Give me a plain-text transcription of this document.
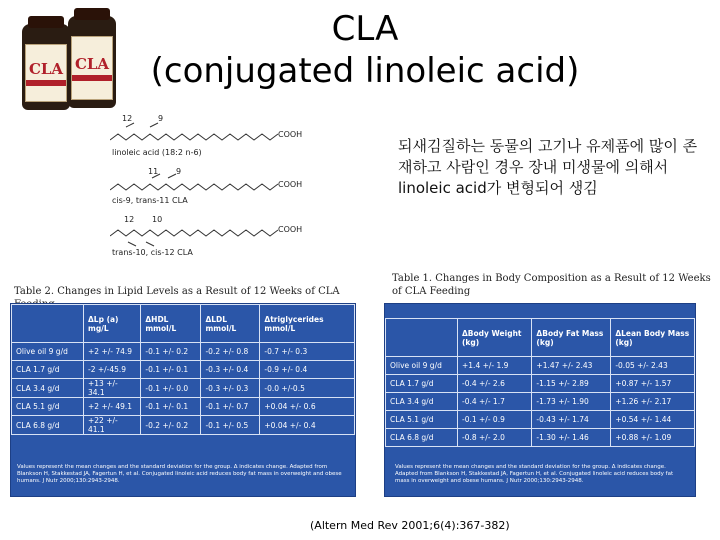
CLA
(conjugated linoleic acid)
CLA CLA
12	9
COOH
linoleic acid (18:2 n-6)
11 9
COOH
cis-9, trans-11 CLA
12 10
COOH
trans-10, cis-12 CLA
되새김질하는 동물의 고기나 유제품에 많이 존재하고 사람인 경우 장내 미생물에 의해서 linoleic acid가 변형되어 생김
Table 2. Changes in Lipid Levels as a Result of 12 Weeks of CLA
	ΔLp (a) mg/L	ΔHDL mmol/L	ΔLDL mmol/L	Δtriglycerides mmol/L
Olive oil 9 g/d	+2 +/- 74.9	-0.1 +/- 0.2	-0.2 +/- 0.8	-0.7 +/- 0.3
CLA 1.7 g/d	-2 +/-45.9	-0.1 +/- 0.1	-0.3 +/- 0.4	-0.9 +/- 0.4
CLA 3.4 g/d	+13 +/- 34.1	-0.1 +/- 0.0	-0.3 +/- 0.3	-0.0 +/-0.5
CLA 5.1 g/d	+2 +/- 49.1	-0.1 +/- 0.1	-0.1 +/- 0.7	+0.04 +/- 0.6
CLA 6.8 g/d	+22 +/- 41.1	-0.2 +/- 0.2	-0.1 +/- 0.5	+0.04 +/- 0.4
Values represent the mean changes and the standard deviation for the group. Δ indicates change. Adapted from Blankson H, Stakkestad JA, Fagertun H, et al. Conjugated linoleic acid reduces body fat mass in overweight and obese humans. J Nutr 2000;130:2943-2948.
Table 1. Changes in Body Composition as a Result of 12 Weeks
of CLA Feeding
	ΔBody Weight (kg)	ΔBody Fat Mass (kg)	ΔLean Body Mass (kg)
Olive oil 9 g/d	+1.4 +/- 1.9	+1.47 +/- 2.43	-0.05 +/- 2.43
CLA 1.7 g/d	-0.4 +/- 2.6	-1.15 +/- 2.89	+0.87 +/- 1.57
CLA 3.4 g/d	-0.4 +/- 1.7	-1.73 +/- 1.90	+1.26 +/- 2.17
CLA 5.1 g/d	-0.1 +/- 0.9	-0.43 +/- 1.74	+0.54 +/- 1.44
CLA 6.8 g/d	-0.8 +/- 2.0	-1.30 +/- 1.46	+0.88 +/- 1.09
Values represent the mean changes and the standard deviation for the group. Δ indicates change. Adapted from Blankson H, Stakkestad JA, Fagertun H, et al. Conjugated linoleic acid reduces body fat mass in overweight and obese humans. J Nutr 2000;130:2943-2948.
(Altern Med Rev 2001;6(4):367-382)
